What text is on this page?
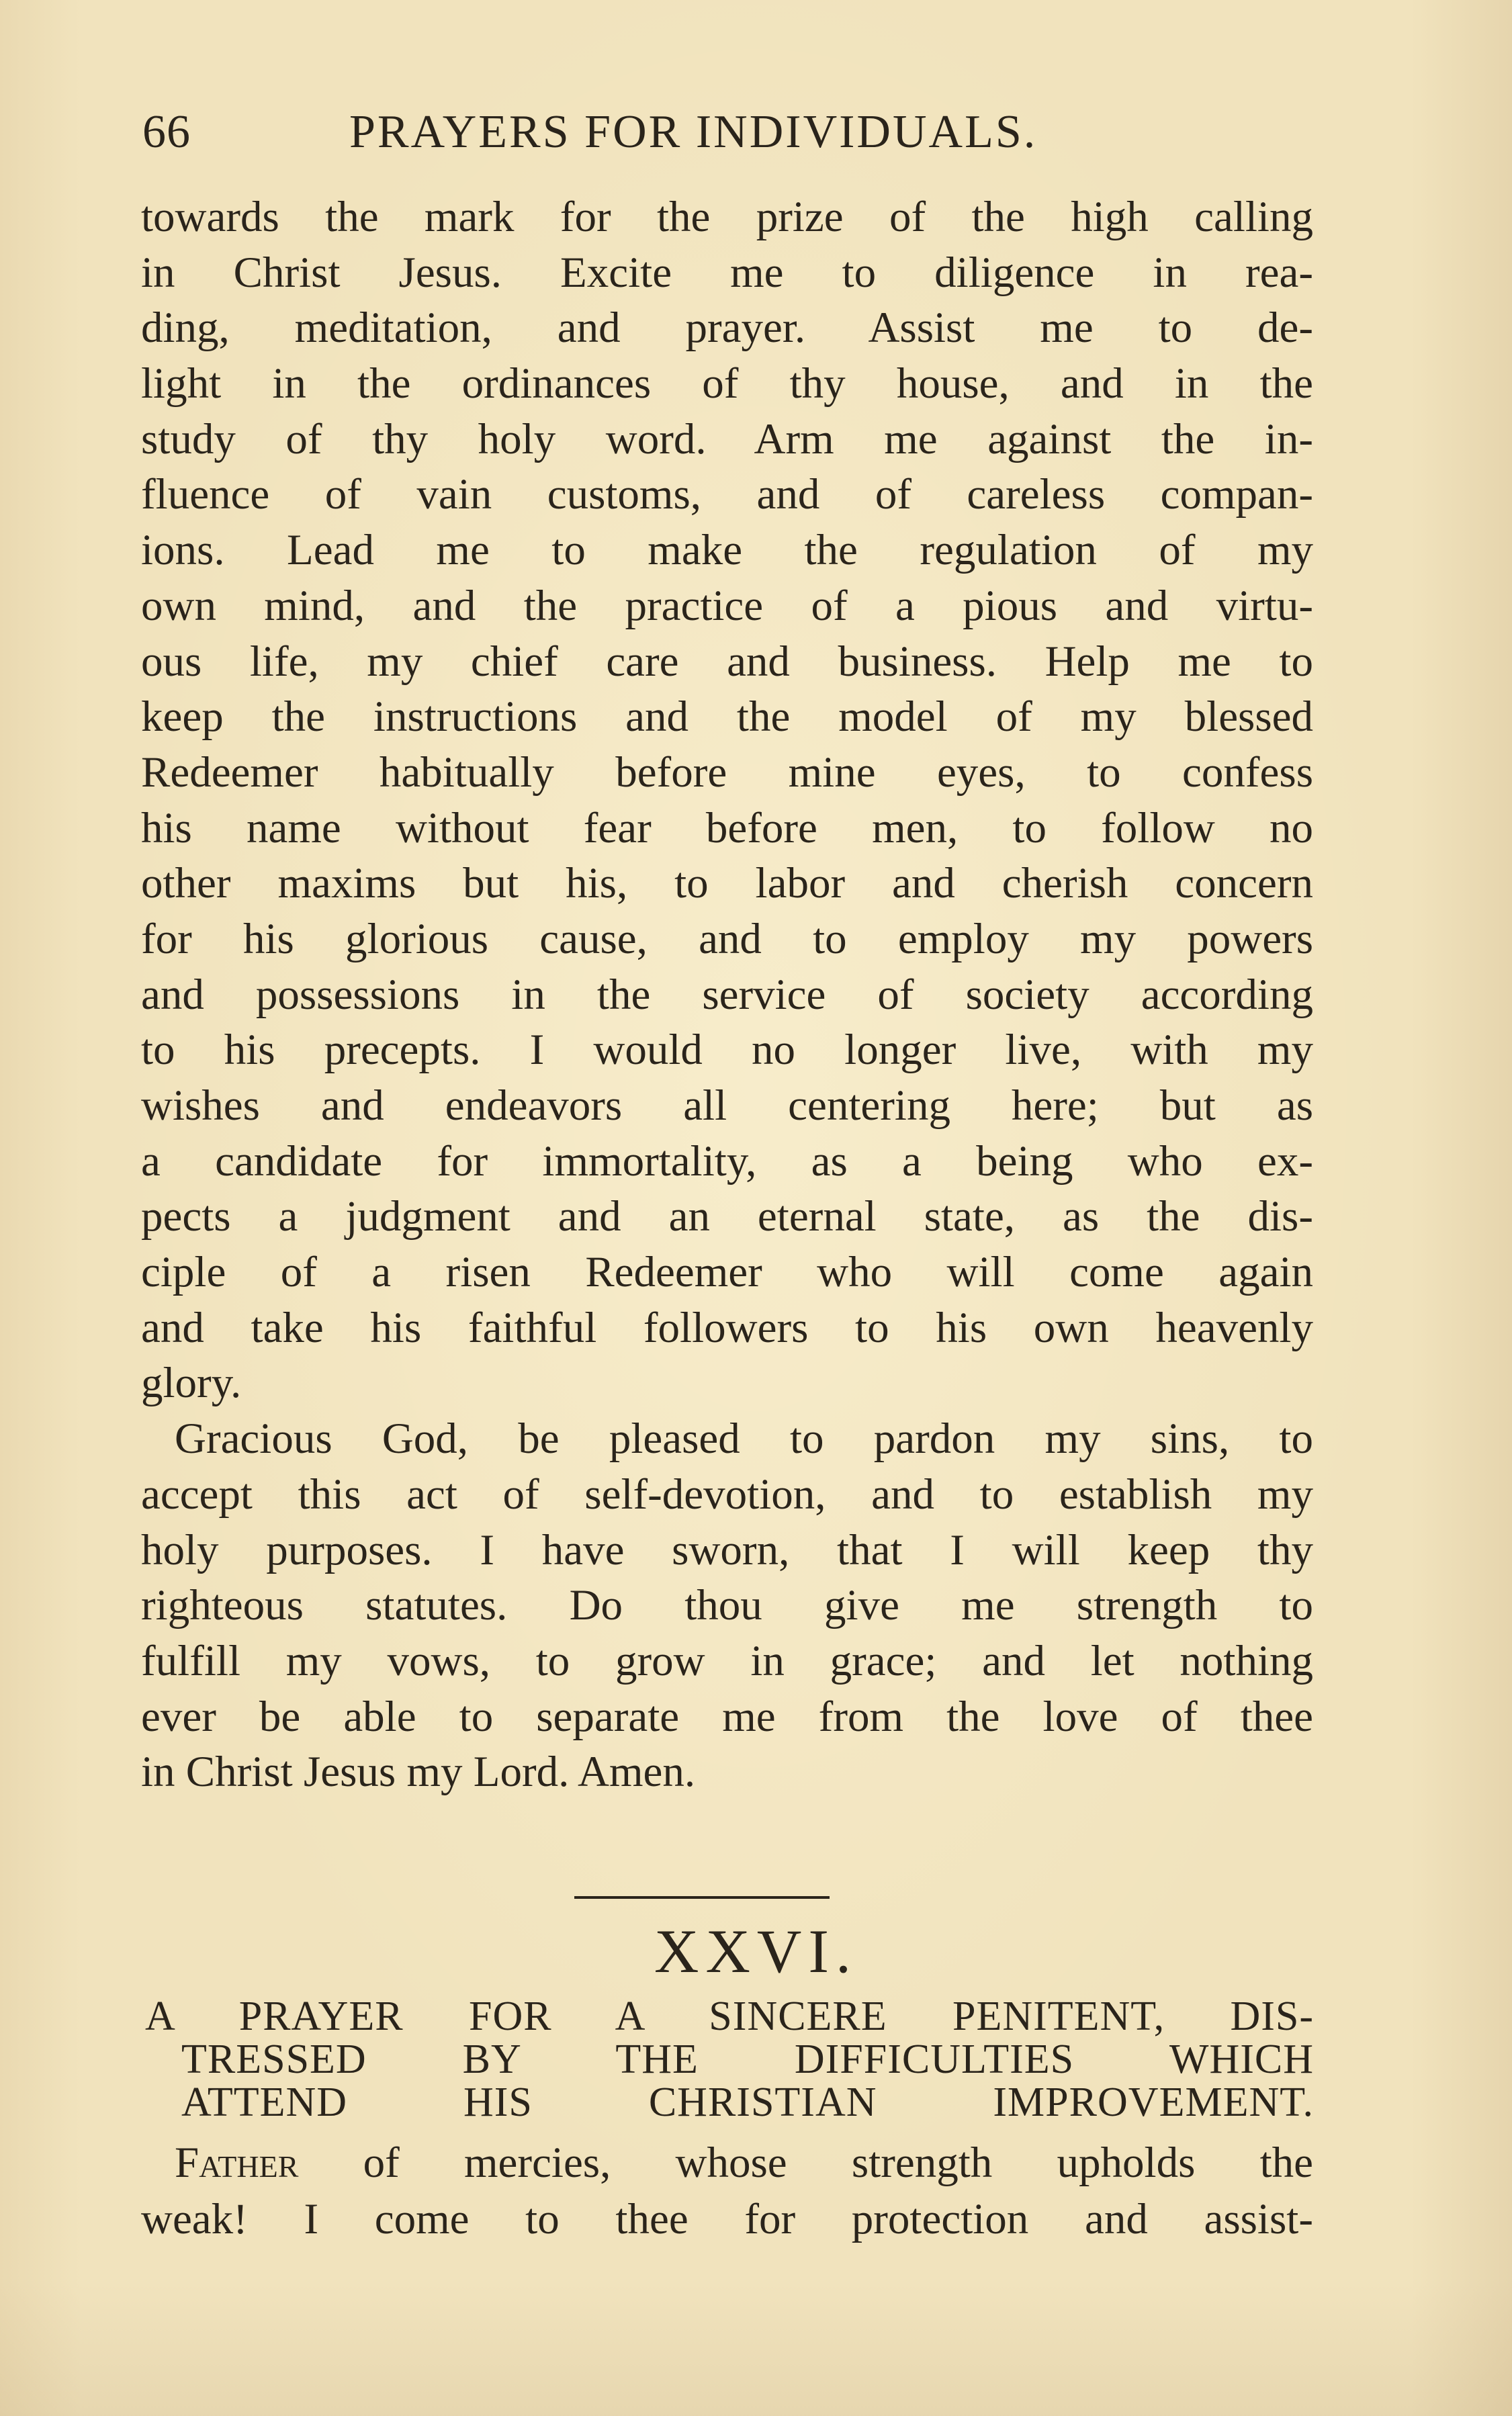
66	PRAYERS FOR INDIVIDUALS.
towards the mark for the prize of the high calling
in Christ Jesus. Excite me to diligence in rea-
ding, meditation, and prayer. Assist me to de-
light in the ordinances of thy house, and in the
study of thy holy word. Arm me against the in-
fluence of vain customs, and of careless compan-
ions. Lead me to make the regulation of my
own mind, and the practice of a pious and virtu-
ous life, my chief care and business. Help me to
keep the instructions and the model of my blessed
Redeemer habitually before mine eyes, to confess
his name without fear before men, to follow no
other maxims but his, to labor and cherish concern
for his glorious cause, and to employ my powers
and possessions in the service of society according
to his precepts. I would no longer live, with my
wishes and endeavors all centering here; but as
a candidate for immortality, as a being who ex-
pects a judgment and an eternal state, as the dis-
ciple of a risen Redeemer who will come again
and take his faithful followers to his own heavenly
glory.
Gracious God, be pleased to pardon my sins, to
accept this act of self-devotion, and to establish my
holy purposes. I have sworn, that I will keep thy
righteous statutes. Do thou give me strength to
fulfill my vows, to grow in grace; and let nothing
ever be able to separate me from the love of thee
in Christ Jesus my Lord. Amen.
XXVI.
A PRAYER FOR A SINCERE PENITENT, DIS-
TRESSED BY THE DIFFICULTIES WHICH
ATTEND HIS CHRISTIAN IMPROVEMENT.
Father of mercies, whose strength upholds the
weak! I come to thee for protection and assist-
